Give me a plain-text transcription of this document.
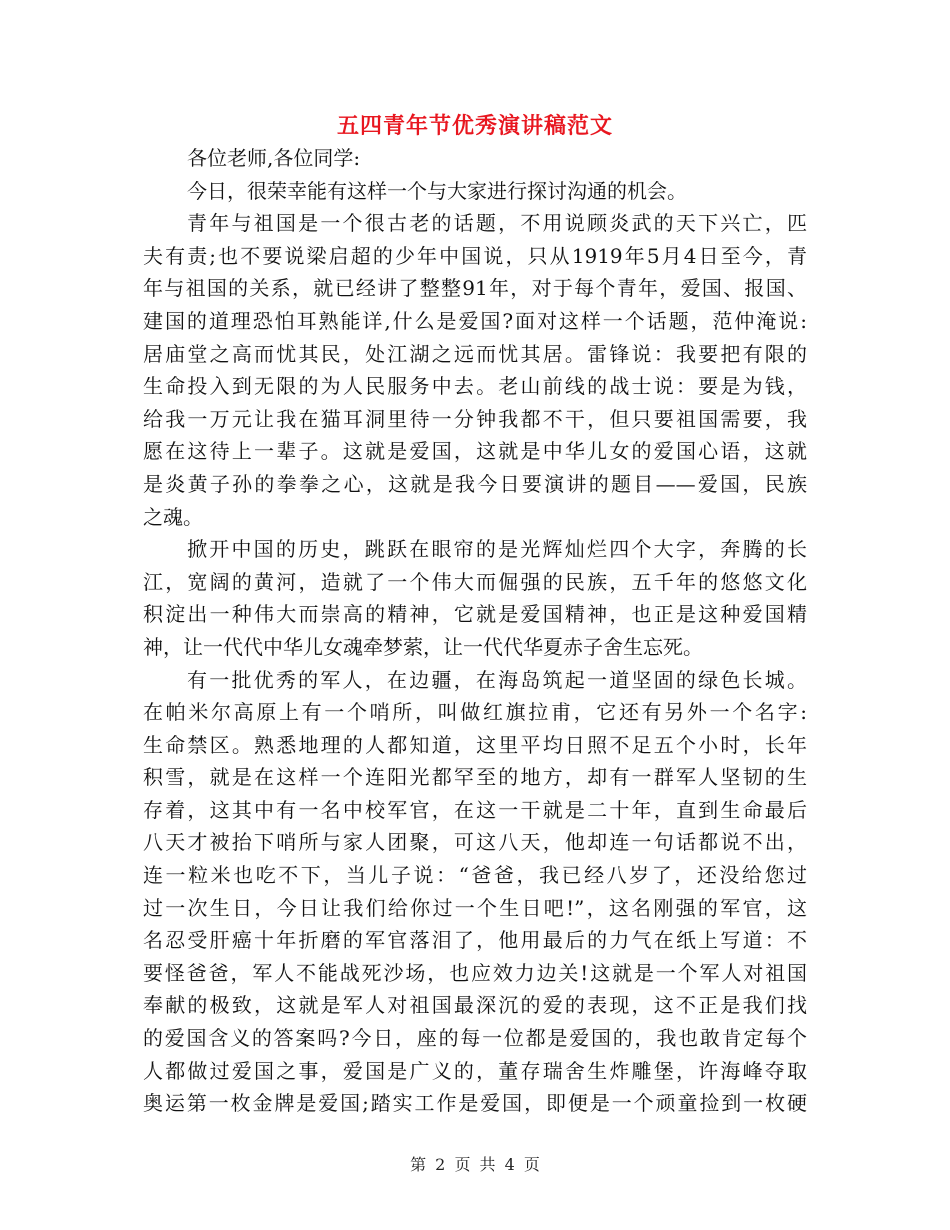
五四青年节优秀演讲稿范文
各位老师,各位同学:
今日，很荣幸能有这样一个与大家进行探讨沟通的机会。
青年与祖国是一个很古老的话题，不用说顾炎武的天下兴亡，匹
夫有责;也不要说梁启超的少年中国说，只从1919年5月4日至今，青
年与祖国的关系，就已经讲了整整91年，对于每个青年，爱国、报国、
建国的道理恐怕耳熟能详,什么是爱国?面对这样一个话题，范仲淹说:
居庙堂之高而忧其民，处江湖之远而忧其居。雷锋说：我要把有限的
生命投入到无限的为人民服务中去。老山前线的战士说：要是为钱，
给我一万元让我在猫耳洞里待一分钟我都不干，但只要祖国需要，我
愿在这待上一辈子。这就是爱国，这就是中华儿女的爱国心语，这就
是炎黄子孙的拳拳之心，这就是我今日要演讲的题目——爱国，民族
之魂。
掀开中国的历史，跳跃在眼帘的是光辉灿烂四个大字，奔腾的长
江，宽阔的黄河，造就了一个伟大而倔强的民族，五千年的悠悠文化
积淀出一种伟大而崇高的精神，它就是爱国精神，也正是这种爱国精
神，让一代代中华儿女魂牵梦萦，让一代代华夏赤子舍生忘死。
有一批优秀的军人，在边疆，在海岛筑起一道坚固的绿色长城。
在帕米尔高原上有一个哨所，叫做红旗拉甫，它还有另外一个名字:
生命禁区。熟悉地理的人都知道，这里平均日照不足五个小时，长年
积雪，就是在这样一个连阳光都罕至的地方，却有一群军人坚韧的生
存着，这其中有一名中校军官，在这一干就是二十年，直到生命最后
八天才被抬下哨所与家人团聚，可这八天，他却连一句话都说不出，
连一粒米也吃不下，当儿子说：“爸爸，我已经八岁了，还没给您过
过一次生日，今日让我们给你过一个生日吧!”，这名刚强的军官，这
名忍受肝癌十年折磨的军官落泪了，他用最后的力气在纸上写道：不
要怪爸爸，军人不能战死沙场，也应效力边关!这就是一个军人对祖国
奉献的极致，这就是军人对祖国最深沉的爱的表现，这不正是我们找
的爱国含义的答案吗?今日，座的每一位都是爱国的，我也敢肯定每个
人都做过爱国之事，爱国是广义的，董存瑞舍生炸雕堡，许海峰夺取
奥运第一枚金牌是爱国;踏实工作是爱国，即便是一个顽童捡到一枚硬
第 2 页 共 4 页
